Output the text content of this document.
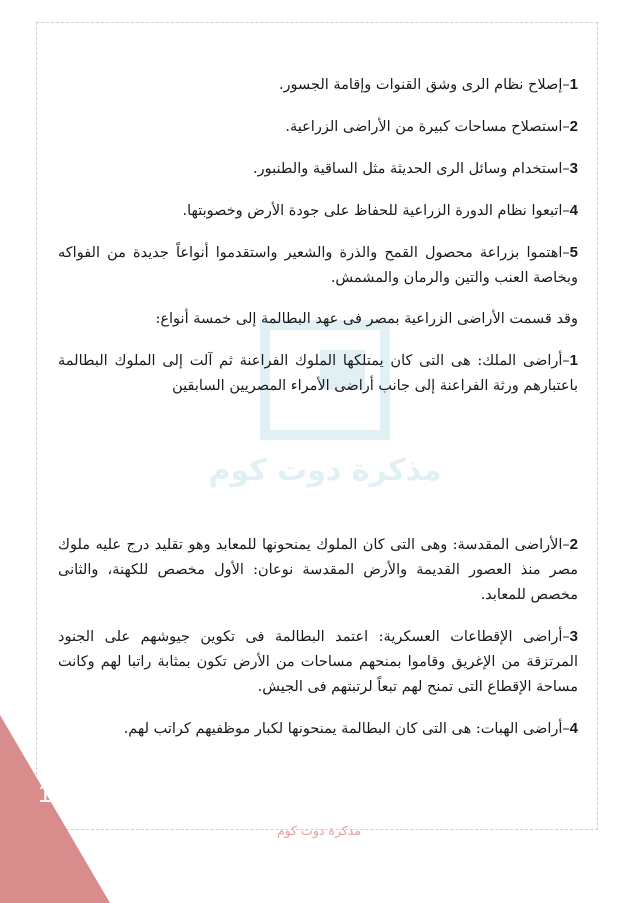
مذكرة دوت كوم

1–إصلاح نظام الرى وشق القنوات وإقامة الجسور.

2–استصلاح مساحات كبيرة من الأراضى الزراعية.

3–استخدام وسائل الرى الحديثة مثل الساقية والطنبور.

4–اتبعوا نظام الدورة الزراعية للحفاظ على جودة الأرض وخصوبتها.

5–اهتموا بزراعة محصول القمح والذرة والشعير واستقدموا أنواعاً جديدة من الفواكه وبخاصة العنب والتين والرمان والمشمش.

وقد قسمت الأراضى الزراعية بمصر فى عهد البطالمة إلى خمسة أنواع:

1–أراضى الملك: هى التى كان يمتلكها الملوك الفراعنة ثم آلت إلى الملوك البطالمة باعتبارهم ورثة الفراعنة إلى جانب أراضى الأمراء المصريين السابقين

2–الأراضى المقدسة: وهى التى كان الملوك يمنحونها للمعابد وهو تقليد درج عليه ملوك مصر منذ العصور القديمة والأرض المقدسة نوعان: الأول مخصص للكهنة، والثانى مخصص للمعابد.

3–أراضى الإقطاعات العسكرية: اعتمد البطالمة فى تكوين جيوشهم على الجنود المرتزقة من الإغريق وقاموا بمنحهم مساحات من الأرض تكون بمثابة راتبا لهم وكانت مساحة الإقطاع التى تمنح لهم تبعاً لرتبتهم فى الجيش.

4–أراضى الهبات: هى التى كان البطالمة يمنحونها لكبار موظفيهم كراتب لهم.

109
مذكرة دوت كوم
